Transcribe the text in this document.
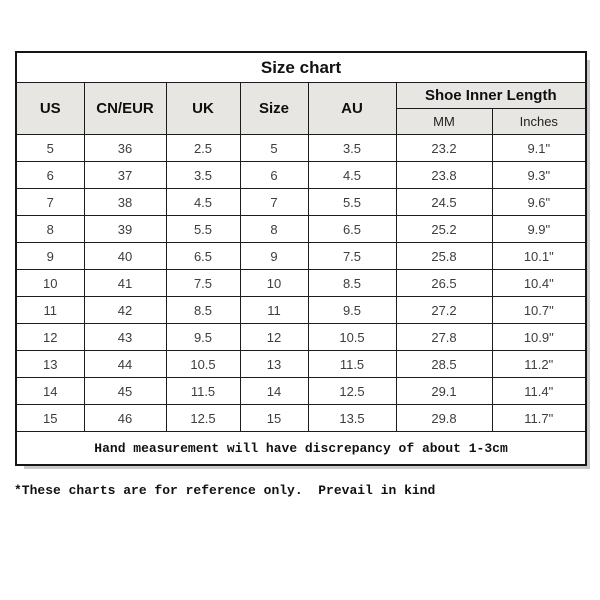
Size chart						
US	CN/EUR	UK	Size	AU	Shoe Inner Length	
					MM	Inches
5	36	2.5	5	3.5	23.2	9.1"
6	37	3.5	6	4.5	23.8	9.3"
7	38	4.5	7	5.5	24.5	9.6"
8	39	5.5	8	6.5	25.2	9.9"
9	40	6.5	9	7.5	25.8	10.1"
10	41	7.5	10	8.5	26.5	10.4"
11	42	8.5	11	9.5	27.2	10.7"
12	43	9.5	12	10.5	27.8	10.9"
13	44	10.5	13	11.5	28.5	11.2"
14	45	11.5	14	12.5	29.1	11.4"
15	46	12.5	15	13.5	29.8	11.7"
Hand measurement will have discrepancy of about 1-3cm						
*These charts are for reference only.  Prevail in kind
